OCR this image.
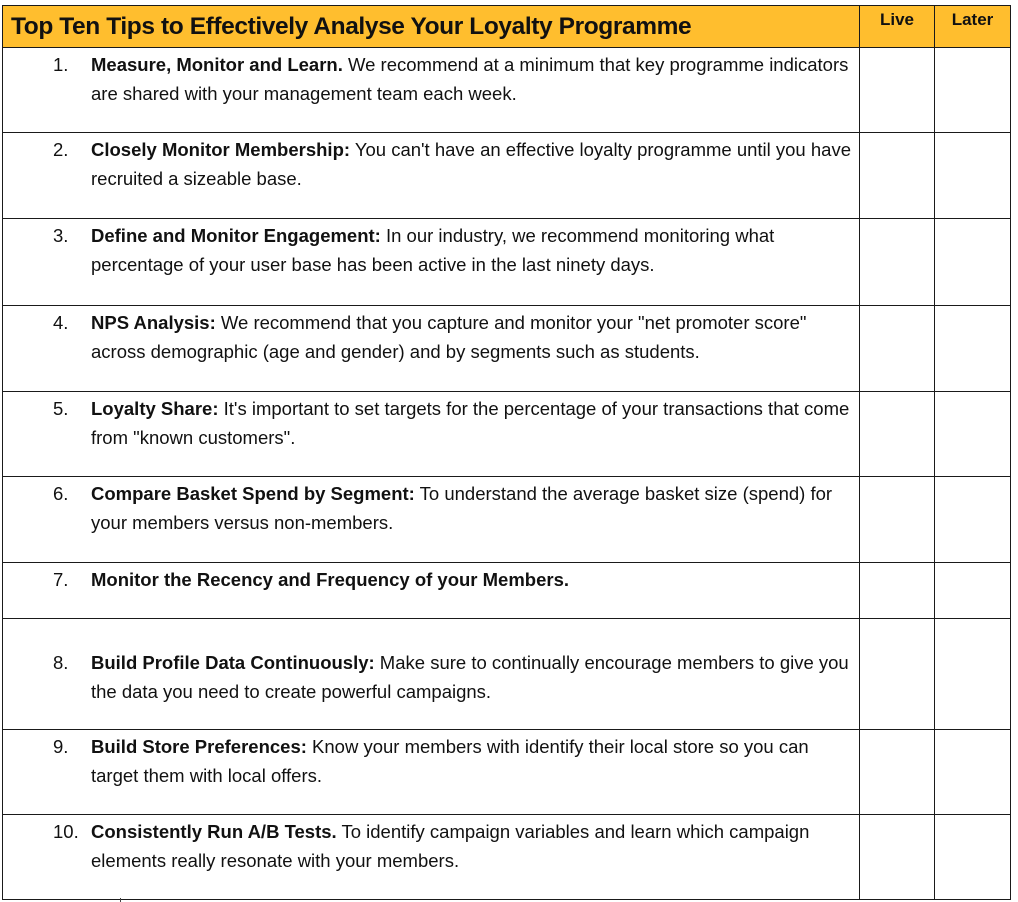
Top Ten Tips to Effectively Analyse Your Loyalty Programme	Live	Later

1. Measure, Monitor and Learn. We recommend at a minimum that key programme indicators are shared with your management team each week.		

2. Closely Monitor Membership: You can't have an effective loyalty programme until you have recruited a sizeable base.		

3. Define and Monitor Engagement: In our industry, we recommend monitoring what percentage of your user base has been active in the last ninety days.		

4. NPS Analysis: We recommend that you capture and monitor your "net promoter score" across demographic (age and gender) and by segments such as students.		

5. Loyalty Share: It's important to set targets for the percentage of your transactions that come from "known customers".		

6. Compare Basket Spend by Segment: To understand the average basket size (spend) for your members versus non-members.		

7. Monitor the Recency and Frequency of your Members.		

8. Build Profile Data Continuously: Make sure to continually encourage members to give you the data you need to create powerful campaigns.		

9. Build Store Preferences: Know your members with identify their local store so you can target them with local offers.		

10. Consistently Run A/B Tests. To identify campaign variables and learn which campaign elements really resonate with your members.		
